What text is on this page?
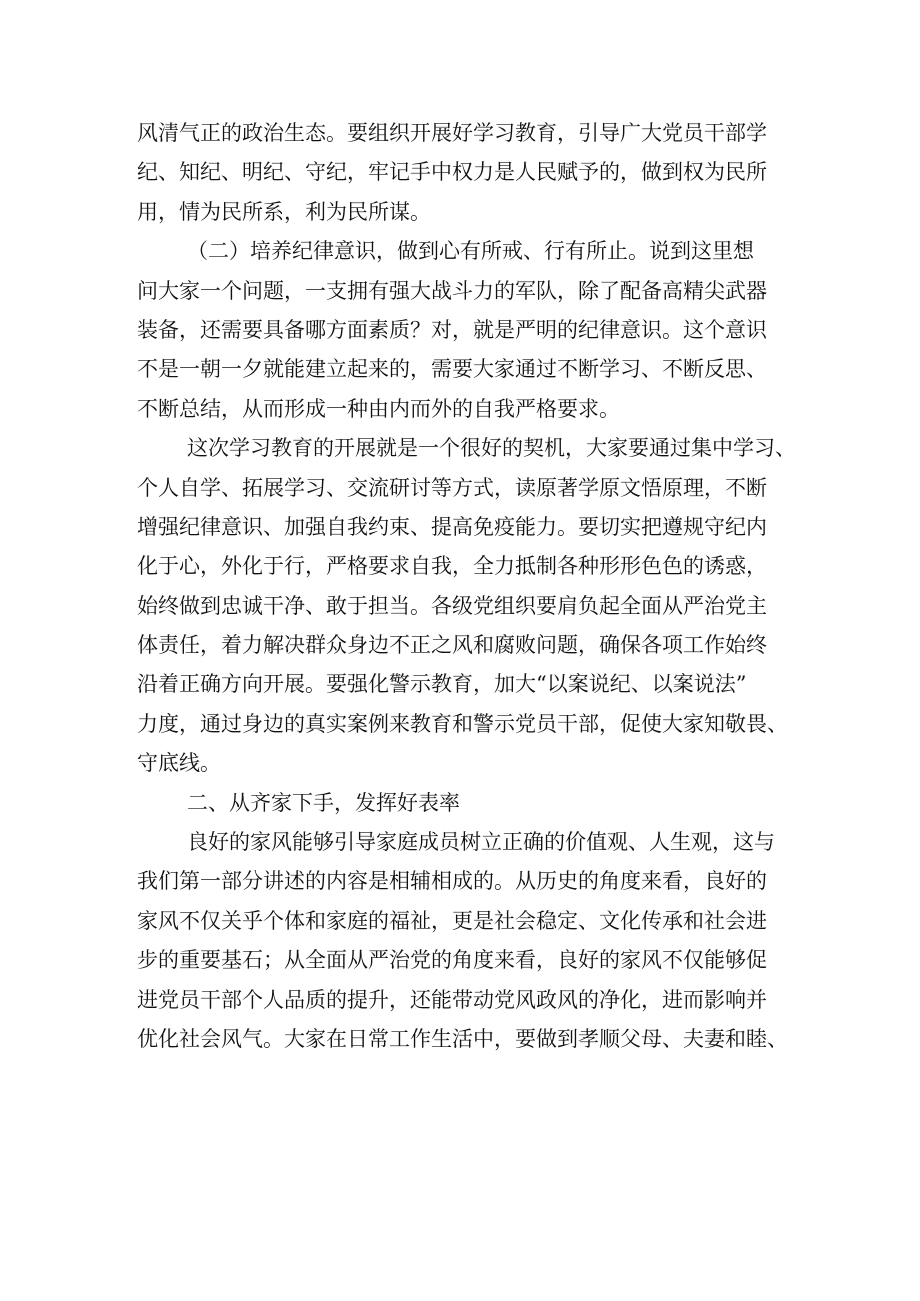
风清气正的政治生态。要组织开展好学习教育，引导广大党员干部学
纪、知纪、明纪、守纪，牢记手中权力是人民赋予的，做到权为民所
用，情为民所系，利为民所谋。
（二）培养纪律意识，做到心有所戒、行有所止。说到这里想
问大家一个问题，一支拥有强大战斗力的军队，除了配备高精尖武器
装备，还需要具备哪方面素质？对，就是严明的纪律意识。这个意识
不是一朝一夕就能建立起来的，需要大家通过不断学习、不断反思、
不断总结，从而形成一种由内而外的自我严格要求。
这次学习教育的开展就是一个很好的契机，大家要通过集中学习、
个人自学、拓展学习、交流研讨等方式，读原著学原文悟原理，不断
增强纪律意识、加强自我约束、提高免疫能力。要切实把遵规守纪内
化于心，外化于行，严格要求自我，全力抵制各种形形色色的诱惑，
始终做到忠诚干净、敢于担当。各级党组织要肩负起全面从严治党主
体责任，着力解决群众身边不正之风和腐败问题，确保各项工作始终
沿着正确方向开展。要强化警示教育，加大“以案说纪、以案说法”
力度，通过身边的真实案例来教育和警示党员干部，促使大家知敬畏、
守底线。
二、从齐家下手，发挥好表率
良好的家风能够引导家庭成员树立正确的价值观、人生观，这与
我们第一部分讲述的内容是相辅相成的。从历史的角度来看，良好的
家风不仅关乎个体和家庭的福祉，更是社会稳定、文化传承和社会进
步的重要基石；从全面从严治党的角度来看，良好的家风不仅能够促
进党员干部个人品质的提升，还能带动党风政风的净化，进而影响并
优化社会风气。大家在日常工作生活中，要做到孝顺父母、夫妻和睦、
